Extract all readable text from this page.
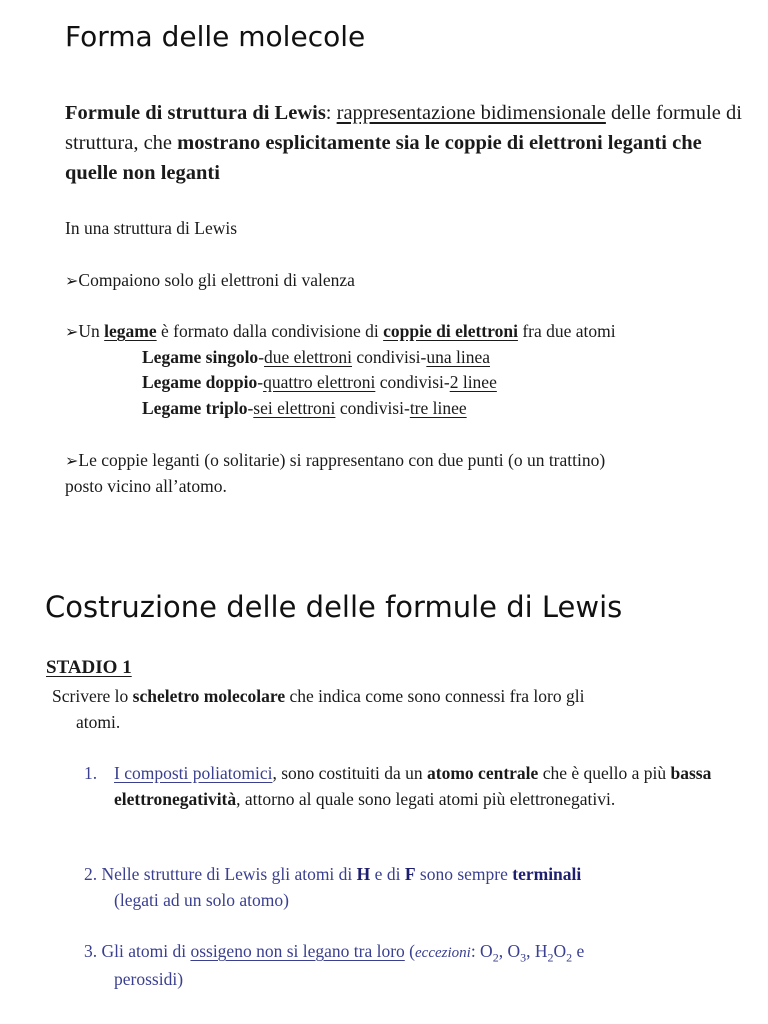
Forma delle molecole
Formule di struttura di Lewis: rappresentazione bidimensionale delle formule di struttura, che mostrano esplicitamente sia le coppie di elettroni leganti che quelle non leganti
In una struttura di Lewis
➢Compaiono solo gli elettroni di valenza
➢Un legame è formato dalla condivisione di coppie di elettroni fra due atomi
Legame singolo-due elettroni condivisi-una linea
Legame doppio-quattro elettroni condivisi-2 linee
Legame triplo-sei elettroni condivisi-tre linee
➢Le coppie leganti (o solitarie) si rappresentano con due punti (o un trattino)
posto vicino all’atomo.
Costruzione delle delle formule di Lewis
STADIO 1
Scrivere lo scheletro molecolare che indica come sono connessi fra loro gli
atomi.
1. I composti poliatomici, sono costituiti da un atomo centrale che è quello a più bassa elettronegatività, attorno al quale sono legati atomi più elettronegativi.
2. Nelle strutture di Lewis gli atomi di H e di F sono sempre terminali
(legati ad un solo atomo)
3. Gli atomi di ossigeno non si legano tra loro (eccezioni: $O_2$, $O_3$, $H_2O_2$ e
perossidi)
